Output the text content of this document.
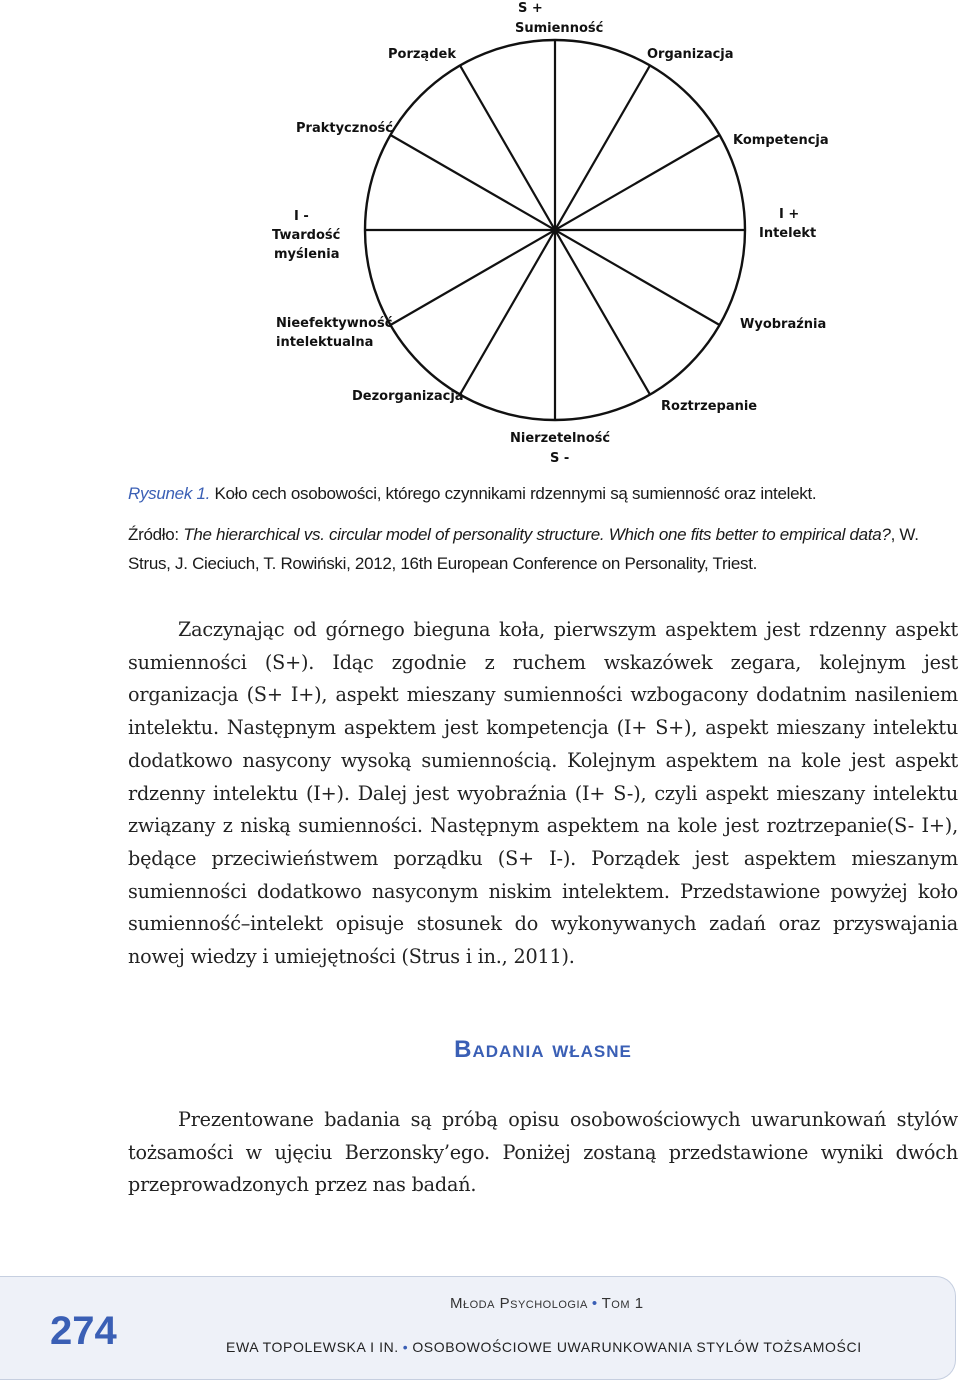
S +
Sumienność
Porządek	Organizacja
Praktyczność
Kompetencja
I -
Twardość
myślenia
I +
Intelekt
Nieefektywność
intelektualna
Wyobraźnia
Dezorganizacja
Roztrzepanie
Nierzetelność
S -
Rysunek 1. Koło cech osobowości, którego czynnikami rdzennymi są sumienność oraz intelekt.
Źródło: The hierarchical vs. circular model of personality structure. Which one fits better to empirical data?, W. Strus, J. Cieciuch, T. Rowiński, 2012, 16th European Conference on Personality, Triest.

Zaczynając od górnego bieguna koła, pierwszym aspektem jest rdzenny aspekt sumienności (S+). Idąc zgodnie z ruchem wskazówek zegara, kolejnym jest organizacja (S+ I+), aspekt mieszany sumienności wzbogacony dodatnim nasileniem intelektu. Następnym aspektem jest kompetencja (I+ S+), aspekt mieszany intelektu dodatkowo nasycony wysoką sumiennością. Kolejnym aspektem na kole jest aspekt rdzenny intelektu (I+). Dalej jest wyobraźnia (I+ S-), czyli aspekt mieszany intelektu związany z niską sumienności. Następnym aspektem na kole jest roztrzepanie(S- I+), będące przeciwieństwem porządku (S+ I-). Porządek jest aspektem mieszanym sumienności dodatkowo nasyconym niskim intelektem. Przedstawione powyżej koło sumienność–intelekt opisuje stosunek do wykonywanych zadań oraz przyswajania nowej wiedzy i umiejętności (Strus i in., 2011).

Badania własne

Prezentowane badania są próbą opisu osobowościowych uwarunkowań stylów tożsamości w ujęciu Berzonsky’ego. Poniżej zostaną przedstawione wyniki dwóch przeprowadzonych przez nas badań.

274
Młoda Psychologia • Tom 1
EWA TOPOLEWSKA I IN. • OSOBOWOŚCIOWE UWARUNKOWANIA STYLÓW TOŻSAMOŚCI
